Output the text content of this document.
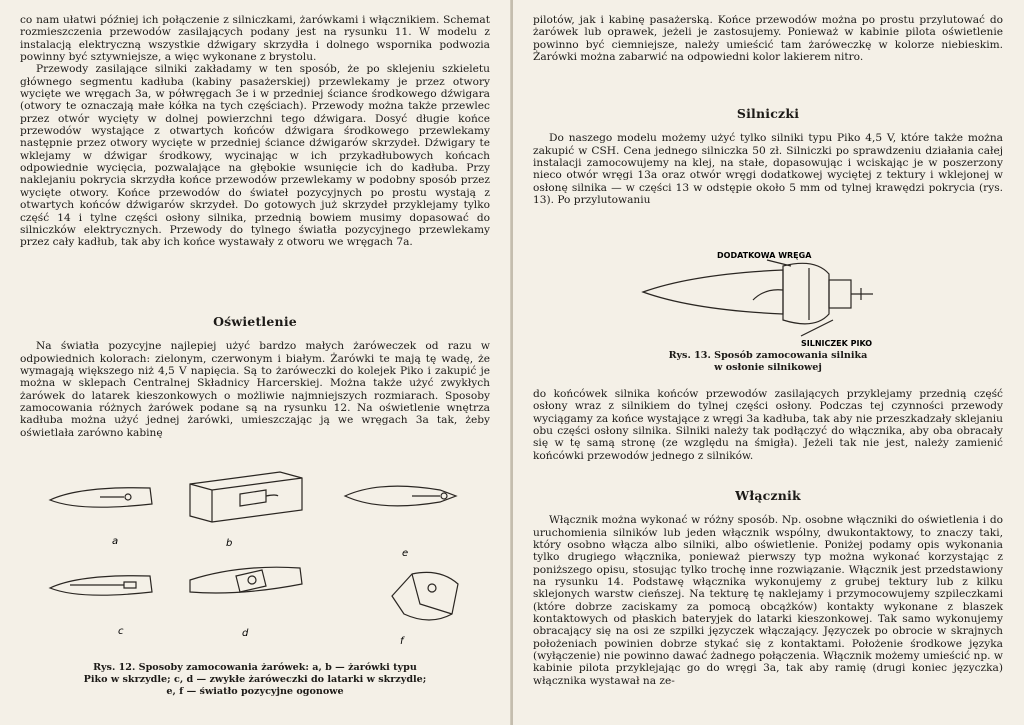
co nam ułatwi później ich połączenie z silniczkami, żarówkami i włącznikiem. Schemat rozmieszczenia przewodów zasilających podany jest na rysunku 11. W modelu z instalacją elektryczną wszystkie dźwigary skrzydła i dolnego wspornika podwozia powinny być sztywniejsze, a więc wykonane z brystolu.

Przewody zasilające silniki zakładamy w ten sposób, że po sklejeniu szkieletu głównego segmentu kadłuba (kabiny pasażerskiej) przewlekamy je przez otwory wycięte we wręgach 3a, w półwręgach 3e i w przedniej ściance środkowego dźwigara (otwory te oznaczają małe kółka na tych częściach). Przewody można także przewlec przez otwór wycięty w dolnej powierzchni tego dźwigara. Dosyć długie końce przewodów wystające z otwartych końców dźwigara środkowego przewlekamy następnie przez otwory wycięte w przedniej ściance dźwigarów skrzydeł. Dźwigary te wklejamy w dźwigar środkowy, wycinając w ich przykadłubowych końcach odpowiednie wycięcia, pozwalające na głębokie wsunięcie ich do kadłuba. Przy naklejaniu pokrycia skrzydła końce przewodów przewlekamy w podobny sposób przez wycięte otwory. Końce przewodów do świateł pozycyjnych po prostu wystają z otwartych końców dźwigarów skrzydeł. Do gotowych już skrzydeł przyklejamy tylko część 14 i tylne części osłony silnika, przednią bowiem musimy dopasować do silniczków elektrycznych. Przewody do tylnego światła pozycyjnego przewlekamy przez cały kadłub, tak aby ich końce wystawały z otworu we wręgach 7a.

Oświetlenie

Na światła pozycyjne najlepiej użyć bardzo małych żaróweczek od razu w odpowiednich kolorach: zielonym, czerwonym i białym. Żarówki te mają tę wadę, że wymagają większego niż 4,5 V napięcia. Są to żaróweczki do kolejek Piko i zakupić je można w sklepach Centralnej Składnicy Harcerskiej. Można także użyć zwykłych żarówek do latarek kieszonkowych o możliwie najmniejszych rozmiarach. Sposoby zamocowania różnych żarówek podane są na rysunku 12. Na oświetlenie wnętrza kadłuba można użyć jednej żarówki, umieszczając ją we wręgach 3a tak, żeby oświetlała zarówno kabinę

a	b
e
c	d
f
Rys. 12. Sposoby zamocowania żarówek: a, b — żarówki typu
Piko w skrzydle; c, d — zwykłe żaróweczki do latarki w skrzydle;
e, f — światło pozycyjne ogonowe

pilotów, jak i kabinę pasażerską. Końce przewodów można po prostu przylutować do żarówek lub oprawek, jeżeli je zastosujemy. Ponieważ w kabinie pilota oświetlenie powinno być ciemniejsze, należy umieścić tam żaróweczkę w kolorze niebieskim. Żarówki można zabarwić na odpowiedni kolor lakierem nitro.

Silniczki

Do naszego modelu możemy użyć tylko silniki typu Piko 4,5 V, które także można zakupić w CSH. Cena jednego silniczka 50 zł. Silniczki po sprawdzeniu działania całej instalacji zamocowujemy na klej, na stałe, dopasowując i wciskając je w poszerzony nieco otwór wręgi 13a oraz otwór wręgi dodatkowej wyciętej z tektury i wklejonej w osłonę silnika — w części 13 w odstępie około 5 mm od tylnej krawędzi pokrycia (rys. 13). Po przylutowaniu

DODATKOWA WRĘGA
SILNICZEK PIKO
Rys. 13. Sposób zamocowania silnika
w osłonie silnikowej

do końcówek silnika końców przewodów zasilających przyklejamy przednią część osłony wraz z silnikiem do tylnej części osłony. Podczas tej czynności przewody wyciągamy za końce wystające z wręgi 3a kadłuba, tak aby nie przeszkadzały sklejaniu obu części osłony silnika. Silniki należy tak podłączyć do włącznika, aby oba obracały się w tę samą stronę (ze względu na śmigła). Jeżeli tak nie jest, należy zamienić końcówki przewodów jednego z silników.

Włącznik

Włącznik można wykonać w różny sposób. Np. osobne włączniki do oświetlenia i do uruchomienia silników lub jeden włącznik wspólny, dwukontaktowy, to znaczy taki, który osobno włącza albo silniki, albo oświetlenie. Poniżej podamy opis wykonania tylko drugiego włącznika, ponieważ pierwszy typ można wykonać korzystając z poniższego opisu, stosując tylko trochę inne rozwiązanie. Włącznik jest przedstawiony na rysunku 14. Podstawę włącznika wykonujemy z grubej tektury lub z kilku sklejonych warstw cieńszej. Na tekturę tę naklejamy i przymocowujemy szpileczkami (które dobrze zaciskamy za pomocą obcążków) kontakty wykonane z blaszek kontaktowych od płaskich bateryjek do latarki kieszonkowej. Tak samo wykonujemy obracający się na osi ze szpilki języczek włączający. Języczek po obrocie w skrajnych położeniach powinien dobrze stykać się z kontaktami. Położenie środkowe języka (wyłączenie) nie powinno dawać żadnego połączenia. Włącznik możemy umieścić np. w kabinie pilota przyklejając go do wręgi 3a, tak aby ramię (drugi koniec języczka) włącznika wystawał na ze-
